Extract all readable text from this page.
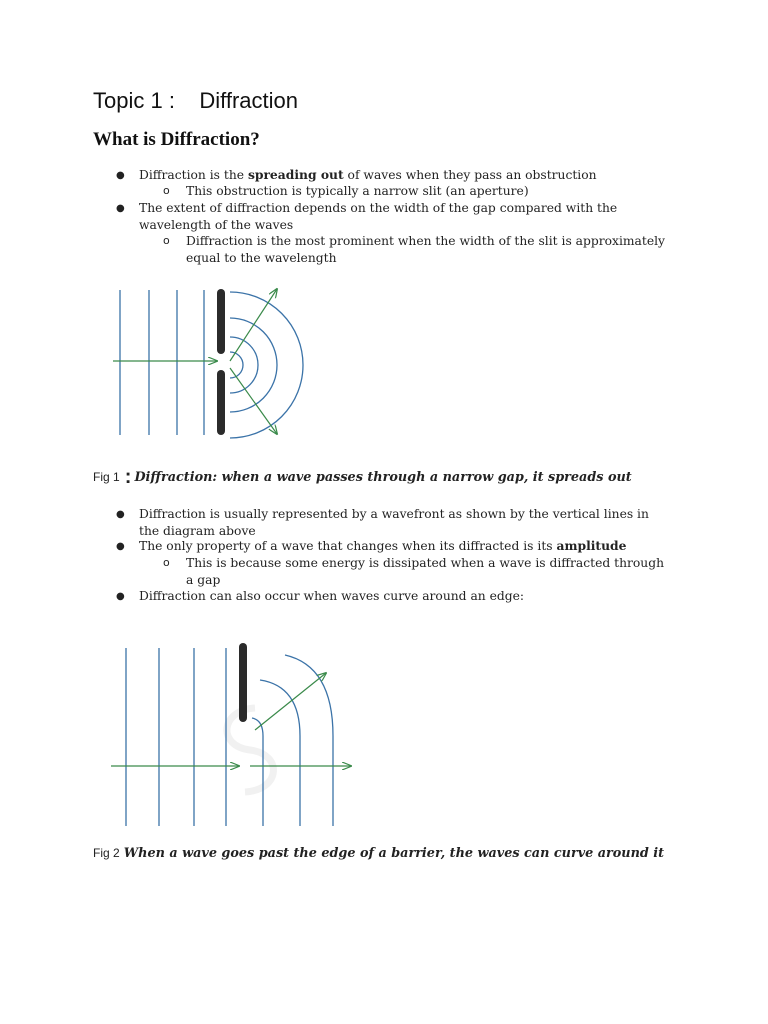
Topic 1 :    Diffraction
What is Diffraction?
● Diffraction is the spreading out of waves when they pass an obstruction
o This obstruction is typically a narrow slit (an aperture)
● The extent of diffraction depends on the width of the gap compared with the
wavelength of the waves
o Diffraction is the most prominent when the width of the slit is approximately
equal to the wavelength
Fig 1 : Diffraction: when a wave passes through a narrow gap, it spreads out
● Diffraction is usually represented by a wavefront as shown by the vertical lines in
the diagram above
● The only property of a wave that changes when its diffracted is its amplitude
o This is because some energy is dissipated when a wave is diffracted through
a gap
● Diffraction can also occur when waves curve around an edge:
Fig 2 When a wave goes past the edge of a barrier, the waves can curve around it
